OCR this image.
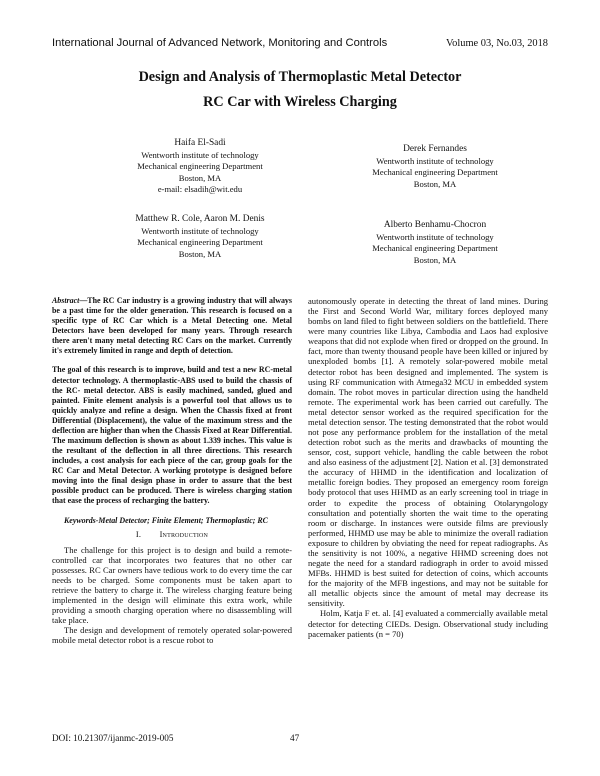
International Journal of Advanced Network, Monitoring and Controls	Volume 03, No.03, 2018
Design and Analysis of Thermoplastic Metal Detector
RC Car with Wireless Charging
Haifa El-Sadi
Wentworth institute of technology
Mechanical engineering Department
Boston, MA
e-mail: elsadih@wit.edu
Derek Fernandes
Wentworth institute of technology
Mechanical engineering Department
Boston, MA
Matthew R. Cole, Aaron M. Denis
Wentworth institute of technology
Mechanical engineering Department
Boston, MA
Alberto Benhamu-Chocron
Wentworth institute of technology
Mechanical engineering Department
Boston, MA

Abstract—The RC Car industry is a growing industry that will always be a past time for the older generation. This research is focused on a specific type of RC Car which is a Metal Detecting one. Metal Detectors have been developed for many years. Through research there aren't many metal detecting RC Cars on the market. Currently it's extremely limited in range and depth of detection.

The goal of this research is to improve, build and test a new RC-metal detector technology. A thermoplastic-ABS used to build the chassis of the RC- metal detector. ABS is easily machined, sanded, glued and painted. Finite element analysis is a powerful tool that allows us to quickly analyze and refine a design. When the Chassis fixed at front Differential (Displacement), the value of the maximum stress and the deflection are higher than when the Chassis Fixed at Rear Differential. The maximum deflection is shown as about 1.339 inches. This value is the resultant of the deflection in all three directions. This research includes, a cost analysis for each piece of the car, group goals for the RC Car and Metal Detector. A working prototype is designed before moving into the final design phase in order to assure that the best possible product can be produced. There is wireless charging station that ease the process of recharging the battery.

Keywords-Metal Detector; Finite Element; Thermoplastic; RC

I. Introduction

The challenge for this project is to design and build a remote-controlled car that incorporates two features that no other car possesses. RC Car owners have tedious work to do every time the car needs to be charged. Some components must be taken apart to retrieve the battery to charge it. The wireless charging feature being implemented in the design will eliminate this extra work, while providing a smooth charging operation where no disassembling will take place.

The design and development of remotely operated solar-powered mobile metal detector robot is a rescue robot to

autonomously operate in detecting the threat of land mines. During the First and Second World War, military forces deployed many bombs on land filed to fight between soldiers on the battlefield. There were many countries like Libya, Cambodia and Laos had explosive weapons that did not explode when fired or dropped on the ground. In fact, more than twenty thousand people have been killed or injured by unexploded bombs [1]. A remotely solar-powered mobile metal detector robot has been designed and implemented. The system is using RF communication with Atmega32 MCU in embedded system domain. The robot moves in particular direction using the handheld remote. The experimental work has been carried out carefully. The metal detector sensor worked as the required specification for the metal detection sensor. The testing demonstrated that the robot would not pose any performance problem for the installation of the metal detection robot such as the merits and drawbacks of mounting the sensor, cost, support vehicle, handling the cable between the robot and also easiness of the adjustment [2]. Nation et al. [3] demonstrated the accuracy of HHMD in the identification and localization of metallic foreign bodies. They proposed an emergency room foreign body protocol that uses HHMD as an early screening tool in triage in order to expedite the process of obtaining Otolaryngology consultation and potentially shorten the wait time to the operating room or discharge. In instances were outside films are previously performed, HHMD use may be able to minimize the overall radiation exposure to children by obviating the need for repeat radiographs. As the sensitivity is not 100%, a negative HHMD screening does not negate the need for a standard radiograph in order to avoid missed MFBs. HHMD is best suited for detection of coins, which accounts for the majority of the MFB ingestions, and may not be suitable for all metallic objects since the amount of metal may decrease its sensitivity.

Holm, Katja F et. al. [4] evaluated a commercially available metal detector for detecting CIEDs. Design. Observational study including pacemaker patients (n = 70)

DOI: 10.21307/ijanmc-2019-005	47
